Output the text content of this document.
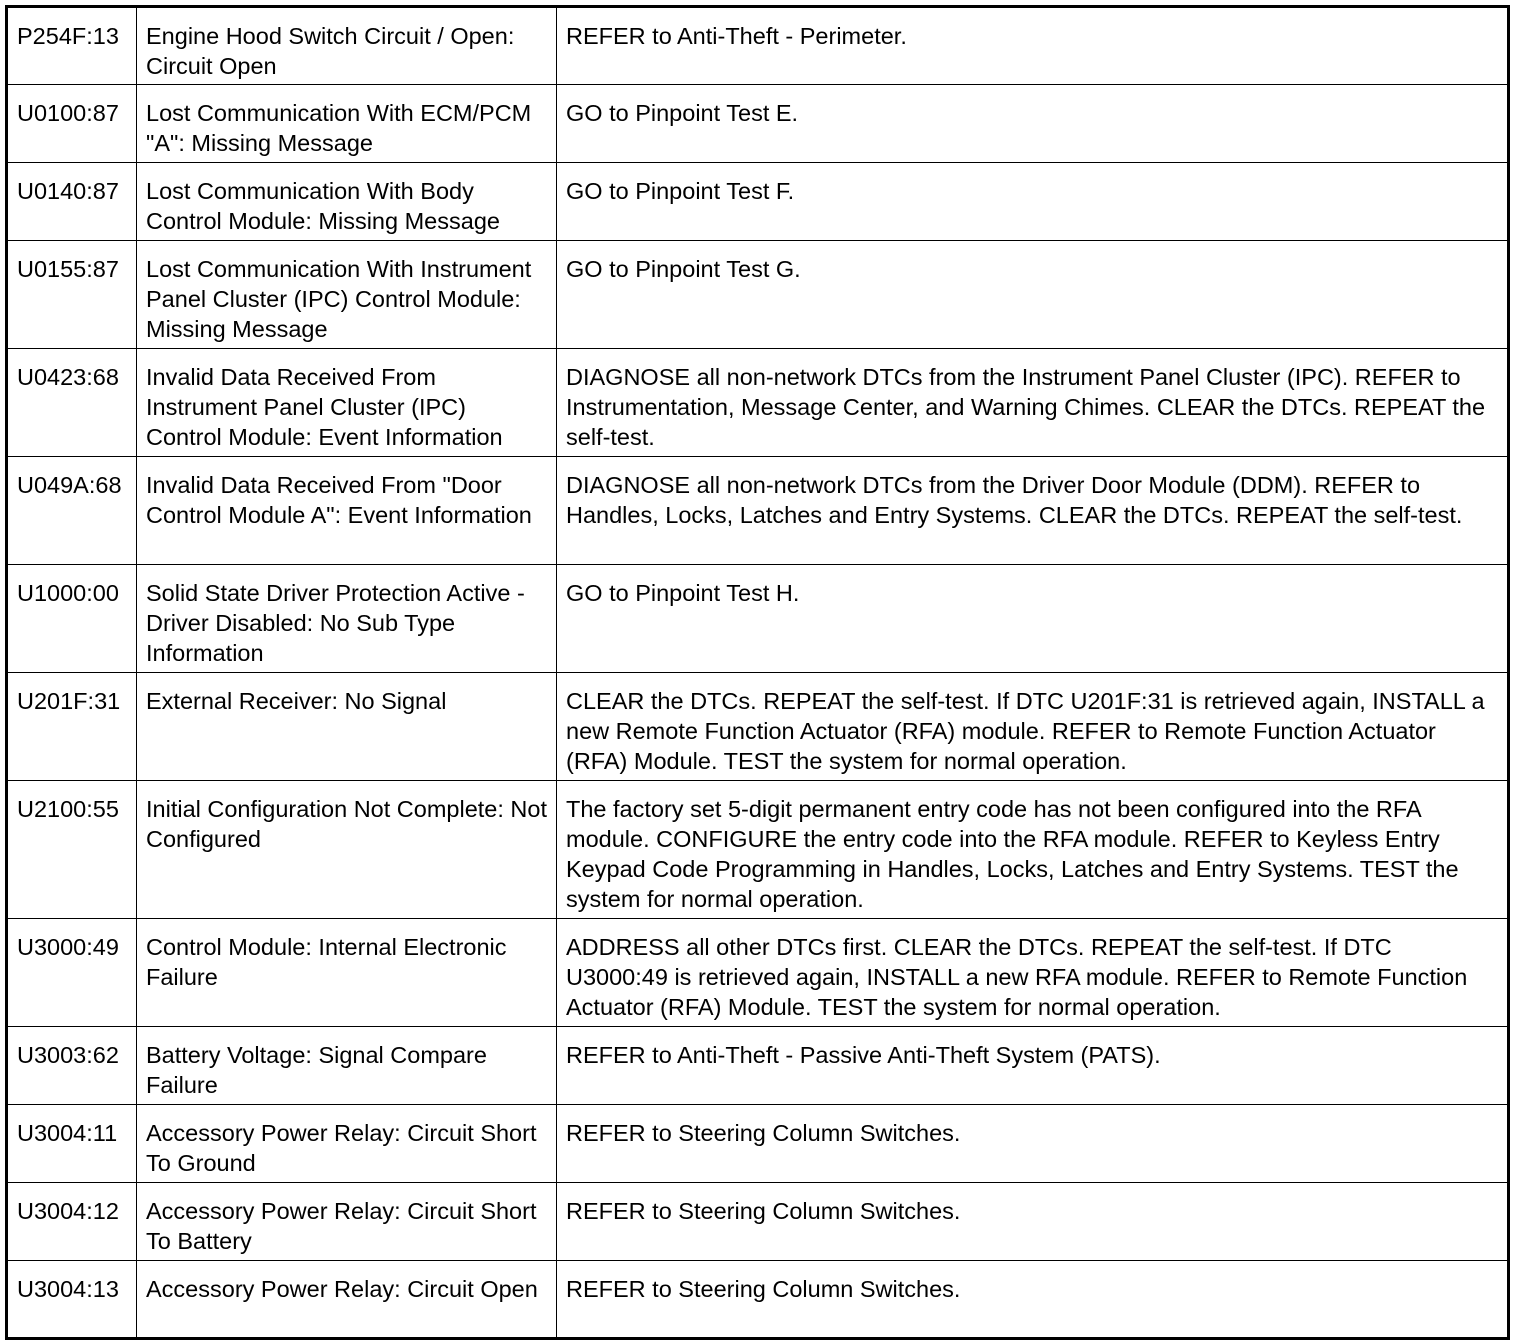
P254F:13	Engine Hood Switch Circuit / Open: Circuit Open	REFER to Anti-Theft - Perimeter.
U0100:87	Lost Communication With ECM/PCM "A": Missing Message	GO to Pinpoint Test E.
U0140:87	Lost Communication With Body Control Module: Missing Message	GO to Pinpoint Test F.
U0155:87	Lost Communication With Instrument Panel Cluster (IPC) Control Module: Missing Message	GO to Pinpoint Test G.
U0423:68	Invalid Data Received From Instrument Panel Cluster (IPC) Control Module: Event Information	DIAGNOSE all non-network DTCs from the Instrument Panel Cluster (IPC). REFER to Instrumentation, Message Center, and Warning Chimes. CLEAR the DTCs. REPEAT the self-test.
U049A:68	Invalid Data Received From "Door Control Module A": Event Information	DIAGNOSE all non-network DTCs from the Driver Door Module (DDM). REFER to Handles, Locks, Latches and Entry Systems. CLEAR the DTCs. REPEAT the self-test.
U1000:00	Solid State Driver Protection Active - Driver Disabled: No Sub Type Information	GO to Pinpoint Test H.
U201F:31	External Receiver: No Signal	CLEAR the DTCs. REPEAT the self-test. If DTC U201F:31 is retrieved again, INSTALL a new Remote Function Actuator (RFA) module. REFER to Remote Function Actuator (RFA) Module. TEST the system for normal operation.
U2100:55	Initial Configuration Not Complete: Not Configured	The factory set 5-digit permanent entry code has not been configured into the RFA module. CONFIGURE the entry code into the RFA module. REFER to Keyless Entry Keypad Code Programming in Handles, Locks, Latches and Entry Systems. TEST the system for normal operation.
U3000:49	Control Module: Internal Electronic Failure	ADDRESS all other DTCs first. CLEAR the DTCs. REPEAT the self-test. If DTC U3000:49 is retrieved again, INSTALL a new RFA module. REFER to Remote Function Actuator (RFA) Module. TEST the system for normal operation.
U3003:62	Battery Voltage: Signal Compare Failure	REFER to Anti-Theft - Passive Anti-Theft System (PATS).
U3004:11	Accessory Power Relay: Circuit Short To Ground	REFER to Steering Column Switches.
U3004:12	Accessory Power Relay: Circuit Short To Battery	REFER to Steering Column Switches.
U3004:13	Accessory Power Relay: Circuit Open	REFER to Steering Column Switches.
